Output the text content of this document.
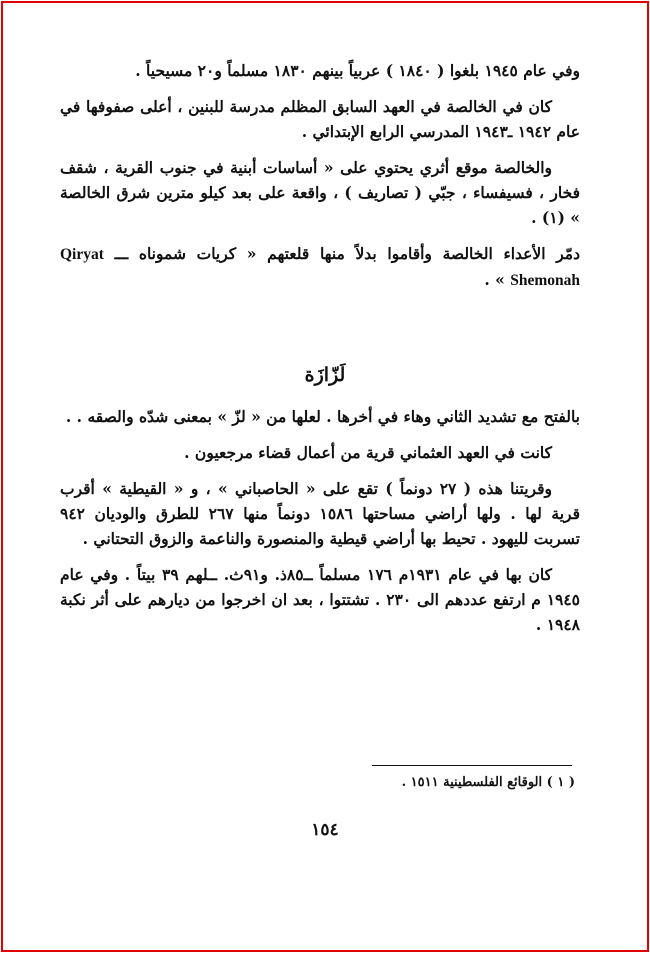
وفي عام ١٩٤٥ بلغوا ( ١٨٤٠ ) عربياً بينهم ١٨٣٠ مسلماً و٢٠ مسيحياً .

كان في الخالصة في العهد السابق المظلم مدرسة للبنين ، أعلى صفوفها في عام ١٩٤٢ ـ١٩٤٣ المدرسي الرابع الإبتدائي .

والخالصة موقع أثري يحتوي على « أساسات أبنية في جنوب القرية ، شقف فخار ، فسيفساء ، جبّي ( تصاريف ) ، واقعة على بعد كيلو مترين شرق الخالصة » (١) .

دمّر الأعداء الخالصة وأقاموا بدلاً منها قلعتهم « كريات شموناه ـــ Qiryat Shemonah » .

لَزّازَة

بالفتح مع تشديد الثاني وهاء في أخرها . لعلها من « لزّ » بمعنى شدّه والصقه . .

كانت في العهد العثماني قرية من أعمال قضاء مرجعيون .

وقريتنا هذه ( ٢٧ دونماً ) تقع على « الحاصباني » ، و « القيطية » أقرب قرية لها . ولها أراضي مساحتها ١٥٨٦ دونماً منها ٢٦٧ للطرق والوديان ٩٤٢ تسربت لليهود . تحيط بها أراضي قيطية والمنصورة والناعمة والزوق التحتاني .

كان بها في عام ١٩٣١م ١٧٦ مسلماً ــ٨٥ذ. و٩١ث. ــلهم ٣٩ بيتاً . وفي عام ١٩٤٥ م ارتفع عددهم الى ٢٣٠ . تشتتوا ، بعد ان اخرجوا من ديارهم على أثر نكبة ١٩٤٨ .

( ١ ) الوقائع الفلسطينية ١٥١١ .
١٥٤
